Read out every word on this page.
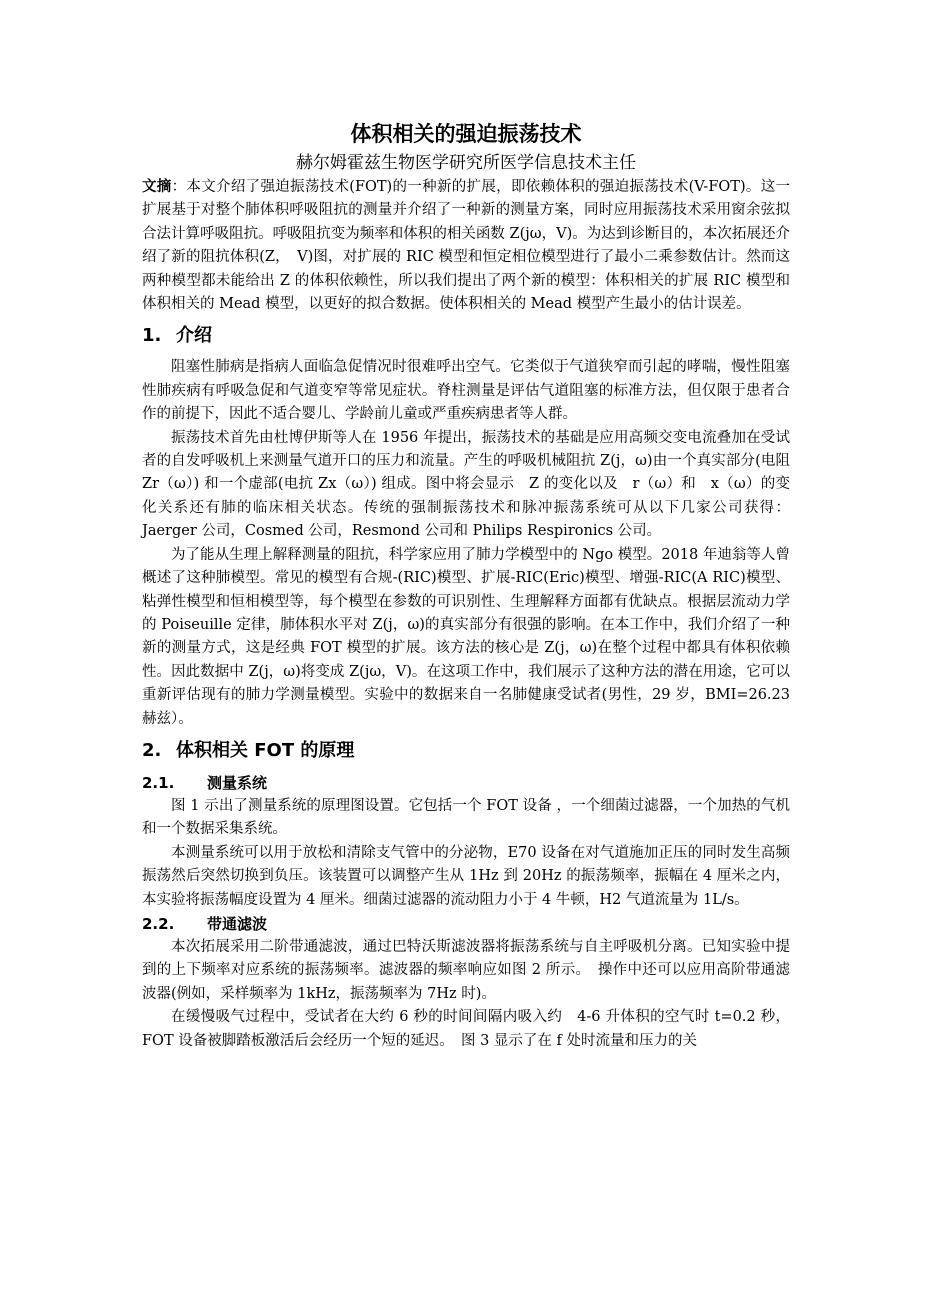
体积相关的强迫振荡技术

赫尔姆霍兹生物医学研究所医学信息技术主任

文摘：本文介绍了强迫振荡技术(FOT)的一种新的扩展，即依赖体积的强迫振荡技术(V-FOT)。这一扩展基于对整个肺体积呼吸阻抗的测量并介绍了一种新的测量方案，同时应用振荡技术采用窗余弦拟合法计算呼吸阻抗。呼吸阻抗变为频率和体积的相关函数 Z(jω，V)。为达到诊断目的，本次拓展还介绍了新的阻抗体积(Z，　V)图，对扩展的 RIC 模型和恒定相位模型进行了最小二乘参数估计。然而这两种模型都未能给出 Z 的体积依赖性，所以我们提出了两个新的模型：体积相关的扩展 RIC 模型和体积相关的 Mead 模型，以更好的拟合数据。使体积相关的 Mead 模型产生最小的估计误差。

1. 介绍

阻塞性肺病是指病人面临急促情况时很难呼出空气。它类似于气道狭窄而引起的哮喘，慢性阻塞性肺疾病有呼吸急促和气道变窄等常见症状。脊柱测量是评估气道阻塞的标准方法，但仅限于患者合作的前提下，因此不适合婴儿、学龄前儿童或严重疾病患者等人群。

振荡技术首先由杜博伊斯等人在 1956 年提出，振荡技术的基础是应用高频交变电流叠加在受试者的自发呼吸机上来测量气道开口的压力和流量。产生的呼吸机械阻抗 Z(j，ω)由一个真实部分(电阻 Zr（ω）) 和一个虚部(电抗 Zx（ω）) 组成。图中将会显示　Z 的变化以及　r（ω）和　x（ω）的变化关系还有肺的临床相关状态。传统的强制振荡技术和脉冲振荡系统可从以下几家公司获得：Jaerger 公司，Cosmed 公司，Resmond 公司和 Philips Respironics 公司。

为了能从生理上解释测量的阻抗，科学家应用了肺力学模型中的 Ngo 模型。2018 年迪翁等人曾概述了这种肺模型。常见的模型有合规-(RIC)模型、扩展-RIC(Eric)模型、增强-RIC(A RIC)模型、粘弹性模型和恒相模型等，每个模型在参数的可识别性、生理解释方面都有优缺点。根据层流动力学的 Poiseuille 定律，肺体积水平对 Z(j，ω)的真实部分有很强的影响。在本工作中，我们介绍了一种新的测量方式，这是经典 FOT 模型的扩展。该方法的核心是 Z(j，ω)在整个过程中都具有体积依赖性。因此数据中 Z(j，ω)将变成 Z(jω，V)。在这项工作中，我们展示了这种方法的潜在用途，它可以重新评估现有的肺力学测量模型。实验中的数据来自一名肺健康受试者(男性，29 岁，BMI=26.23 赫兹）。

2. 体积相关 FOT 的原理
2.1. 测量系统

图 1 示出了测量系统的原理图设置。它包括一个 FOT 设备 ，一个细菌过滤器，一个加热的气机和一个数据采集系统。

本测量系统可以用于放松和清除支气管中的分泌物，E70 设备在对气道施加正压的同时发生高频振荡然后突然切换到负压。该装置可以调整产生从 1Hz 到 20Hz 的振荡频率，振幅在 4 厘米之内，本实验将振荡幅度设置为 4 厘米。细菌过滤器的流动阻力小于 4 牛顿，H2 气道流量为 1L/s。

2.2. 带通滤波

本次拓展采用二阶带通滤波，通过巴特沃斯滤波器将振荡系统与自主呼吸机分离。已知实验中提到的上下频率对应系统的振荡频率。滤波器的频率响应如图 2 所示。　操作中还可以应用高阶带通滤波器(例如，采样频率为 1kHz，振荡频率为 7Hz 时)。

在缓慢吸气过程中，受试者在大约 6 秒的时间间隔内吸入约　4-6 升体积的空气时 t=0.2 秒，FOT 设备被脚踏板激活后会经历一个短的延迟。　图 3 显示了在 f 处时流量和压力的关
